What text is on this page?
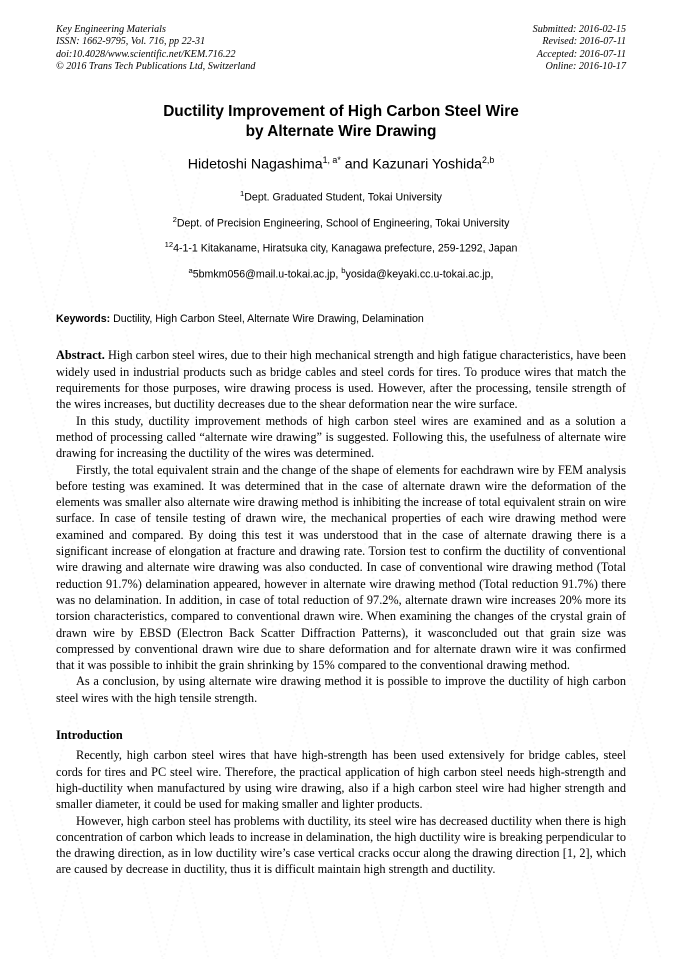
Key Engineering Materials
ISSN: 1662-9795, Vol. 716, pp 22-31
doi:10.4028/www.scientific.net/KEM.716.22
© 2016 Trans Tech Publications Ltd, Switzerland
Submitted: 2016-02-15
Revised: 2016-07-11
Accepted: 2016-07-11
Online: 2016-10-17
Ductility Improvement of High Carbon Steel Wire
by Alternate Wire Drawing
Hidetoshi Nagashima$^{1, a*}$ and Kazunari Yoshida$^{2,b}$
$^1$Dept. Graduated Student, Tokai University
$^2$Dept. of Precision Engineering, School of Engineering, Tokai University
$^{12}$4-1-1 Kitakaname, Hiratsuka city, Kanagawa prefecture, 259-1292, Japan
$^a$5bmkm056@mail.u-tokai.ac.jp, $^b$yosida@keyaki.cc.u-tokai.ac.jp,
Keywords: Ductility, High Carbon Steel, Alternate Wire Drawing, Delamination

Abstract. High carbon steel wires, due to their high mechanical strength and high fatigue characteristics, have been widely used in industrial products such as bridge cables and steel cords for tires. To produce wires that match the requirements for those purposes, wire drawing process is used. However, after the processing, tensile strength of the wires increases, but ductility decreases due to the shear deformation near the wire surface.

In this study, ductility improvement methods of high carbon steel wires are examined and as a solution a method of processing called “alternate wire drawing” is suggested. Following this, the usefulness of alternate wire drawing for increasing the ductility of the wires was determined.

Firstly, the total equivalent strain and the change of the shape of elements for eachdrawn wire by FEM analysis before testing was examined. It was determined that in the case of alternate drawn wire the deformation of the elements was smaller also alternate wire drawing method is inhibiting the increase of total equivalent strain on wire surface. In case of tensile testing of drawn wire, the mechanical properties of each wire drawing method were examined and compared. By doing this test it was understood that in the case of alternate drawing there is a significant increase of elongation at fracture and drawing rate. Torsion test to confirm the ductility of conventional wire drawing and alternate wire drawing was also conducted. In case of conventional wire drawing method (Total reduction 91.7%) delamination appeared, however in alternate wire drawing method (Total reduction 91.7%) there was no delamination. In addition, in case of total reduction of 97.2%, alternate drawn wire increases 20% more its torsion characteristics, compared to conventional drawn wire. When examining the changes of the crystal grain of drawn wire by EBSD (Electron Back Scatter Diffraction Patterns), it wasconcluded out that grain size was compressed by conventional drawn wire due to share deformation and for alternate drawn wire it was confirmed that it was possible to inhibit the grain shrinking by 15% compared to the conventional drawing method.

As a conclusion, by using alternate wire drawing method it is possible to improve the ductility of high carbon steel wires with the high tensile strength.

Introduction

Recently, high carbon steel wires that have high-strength has been used extensively for bridge cables, steel cords for tires and PC steel wire. Therefore, the practical application of high carbon steel needs high-strength and high-ductility when manufactured by using wire drawing, also if a high carbon steel wire had higher strength and smaller diameter, it could be used for making smaller and lighter products.

However, high carbon steel has problems with ductility, its steel wire has decreased ductility when there is high concentration of carbon which leads to increase in delamination, the high ductility wire is breaking perpendicular to the drawing direction, as in low ductility wire’s case vertical cracks occur along the drawing direction [1, 2], which are caused by decrease in ductility, thus it is difficult maintain high strength and ductility.
